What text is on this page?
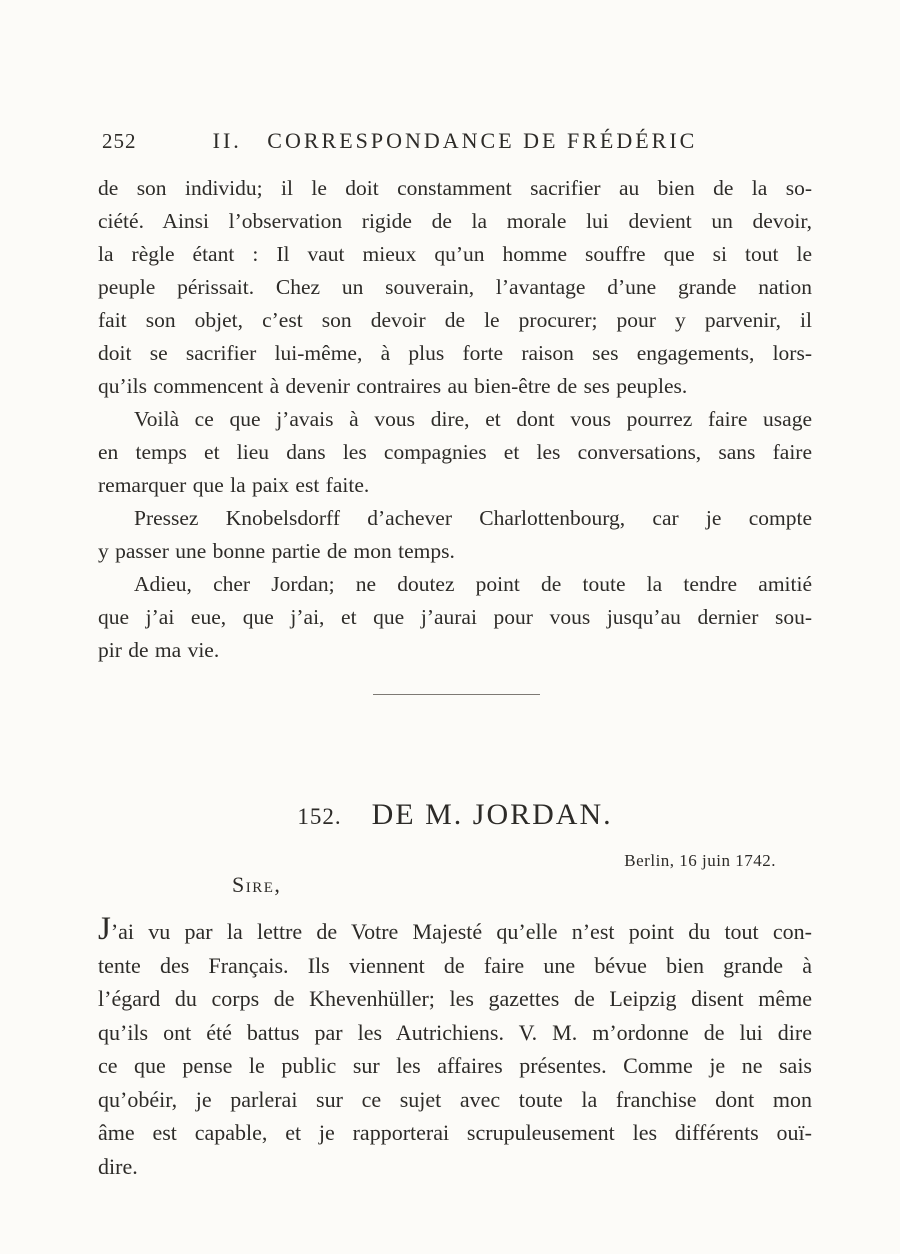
252	II.   CORRESPONDANCE DE FRÉDÉRIC
de son individu; il le doit constamment sacrifier au bien de la so-
ciété. Ainsi l’observation rigide de la morale lui devient un devoir,
la règle étant : Il vaut mieux qu’un homme souffre que si tout le
peuple périssait. Chez un souverain, l’avantage d’une grande nation
fait son objet, c’est son devoir de le procurer; pour y parvenir, il
doit se sacrifier lui-même, à plus forte raison ses engagements, lors-
qu’ils commencent à devenir contraires au bien-être de ses peuples.
Voilà ce que j’avais à vous dire, et dont vous pourrez faire usage
en temps et lieu dans les compagnies et les conversations, sans faire
remarquer que la paix est faite.
Pressez Knobelsdorff d’achever Charlottenbourg, car je compte
y passer une bonne partie de mon temps.
Adieu, cher Jordan; ne doutez point de toute la tendre amitié
que j’ai eue, que j’ai, et que j’aurai pour vous jusqu’au dernier sou-
pir de ma vie.
152. DE M. JORDAN.
Berlin, 16 juin 1742.
Sire,
J’ai vu par la lettre de Votre Majesté qu’elle n’est point du tout con-
tente des Français. Ils viennent de faire une bévue bien grande à
l’égard du corps de Khevenhüller; les gazettes de Leipzig disent même
qu’ils ont été battus par les Autrichiens. V. M. m’ordonne de lui dire
ce que pense le public sur les affaires présentes. Comme je ne sais
qu’obéir, je parlerai sur ce sujet avec toute la franchise dont mon
âme est capable, et je rapporterai scrupuleusement les différents ouï-
dire.
